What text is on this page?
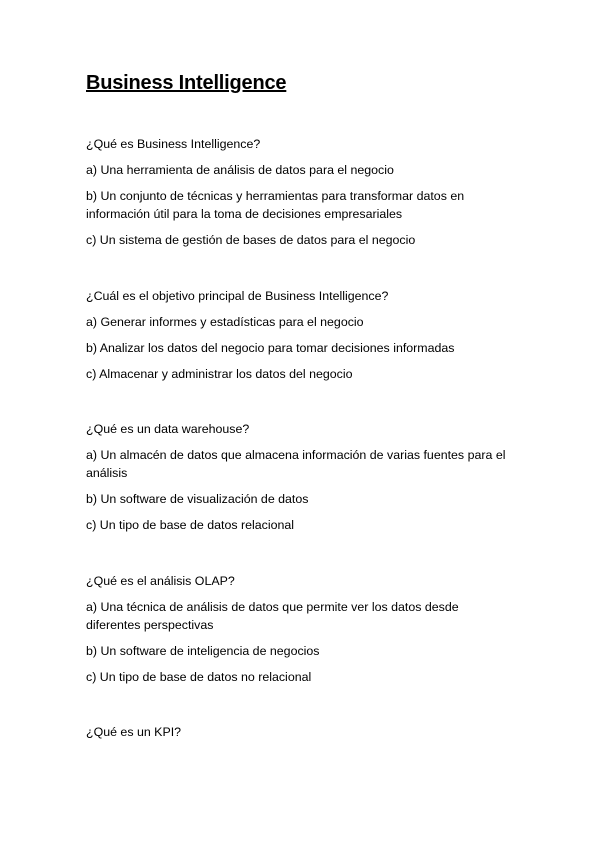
Business Intelligence

¿Qué es Business Intelligence?

a) Una herramienta de análisis de datos para el negocio

b) Un conjunto de técnicas y herramientas para transformar datos en información útil para la toma de decisiones empresariales

c) Un sistema de gestión de bases de datos para el negocio

¿Cuál es el objetivo principal de Business Intelligence?

a) Generar informes y estadísticas para el negocio

b) Analizar los datos del negocio para tomar decisiones informadas

c) Almacenar y administrar los datos del negocio

¿Qué es un data warehouse?

a) Un almacén de datos que almacena información de varias fuentes para el análisis

b) Un software de visualización de datos

c) Un tipo de base de datos relacional

¿Qué es el análisis OLAP?

a) Una técnica de análisis de datos que permite ver los datos desde diferentes perspectivas

b) Un software de inteligencia de negocios

c) Un tipo de base de datos no relacional

¿Qué es un KPI?
